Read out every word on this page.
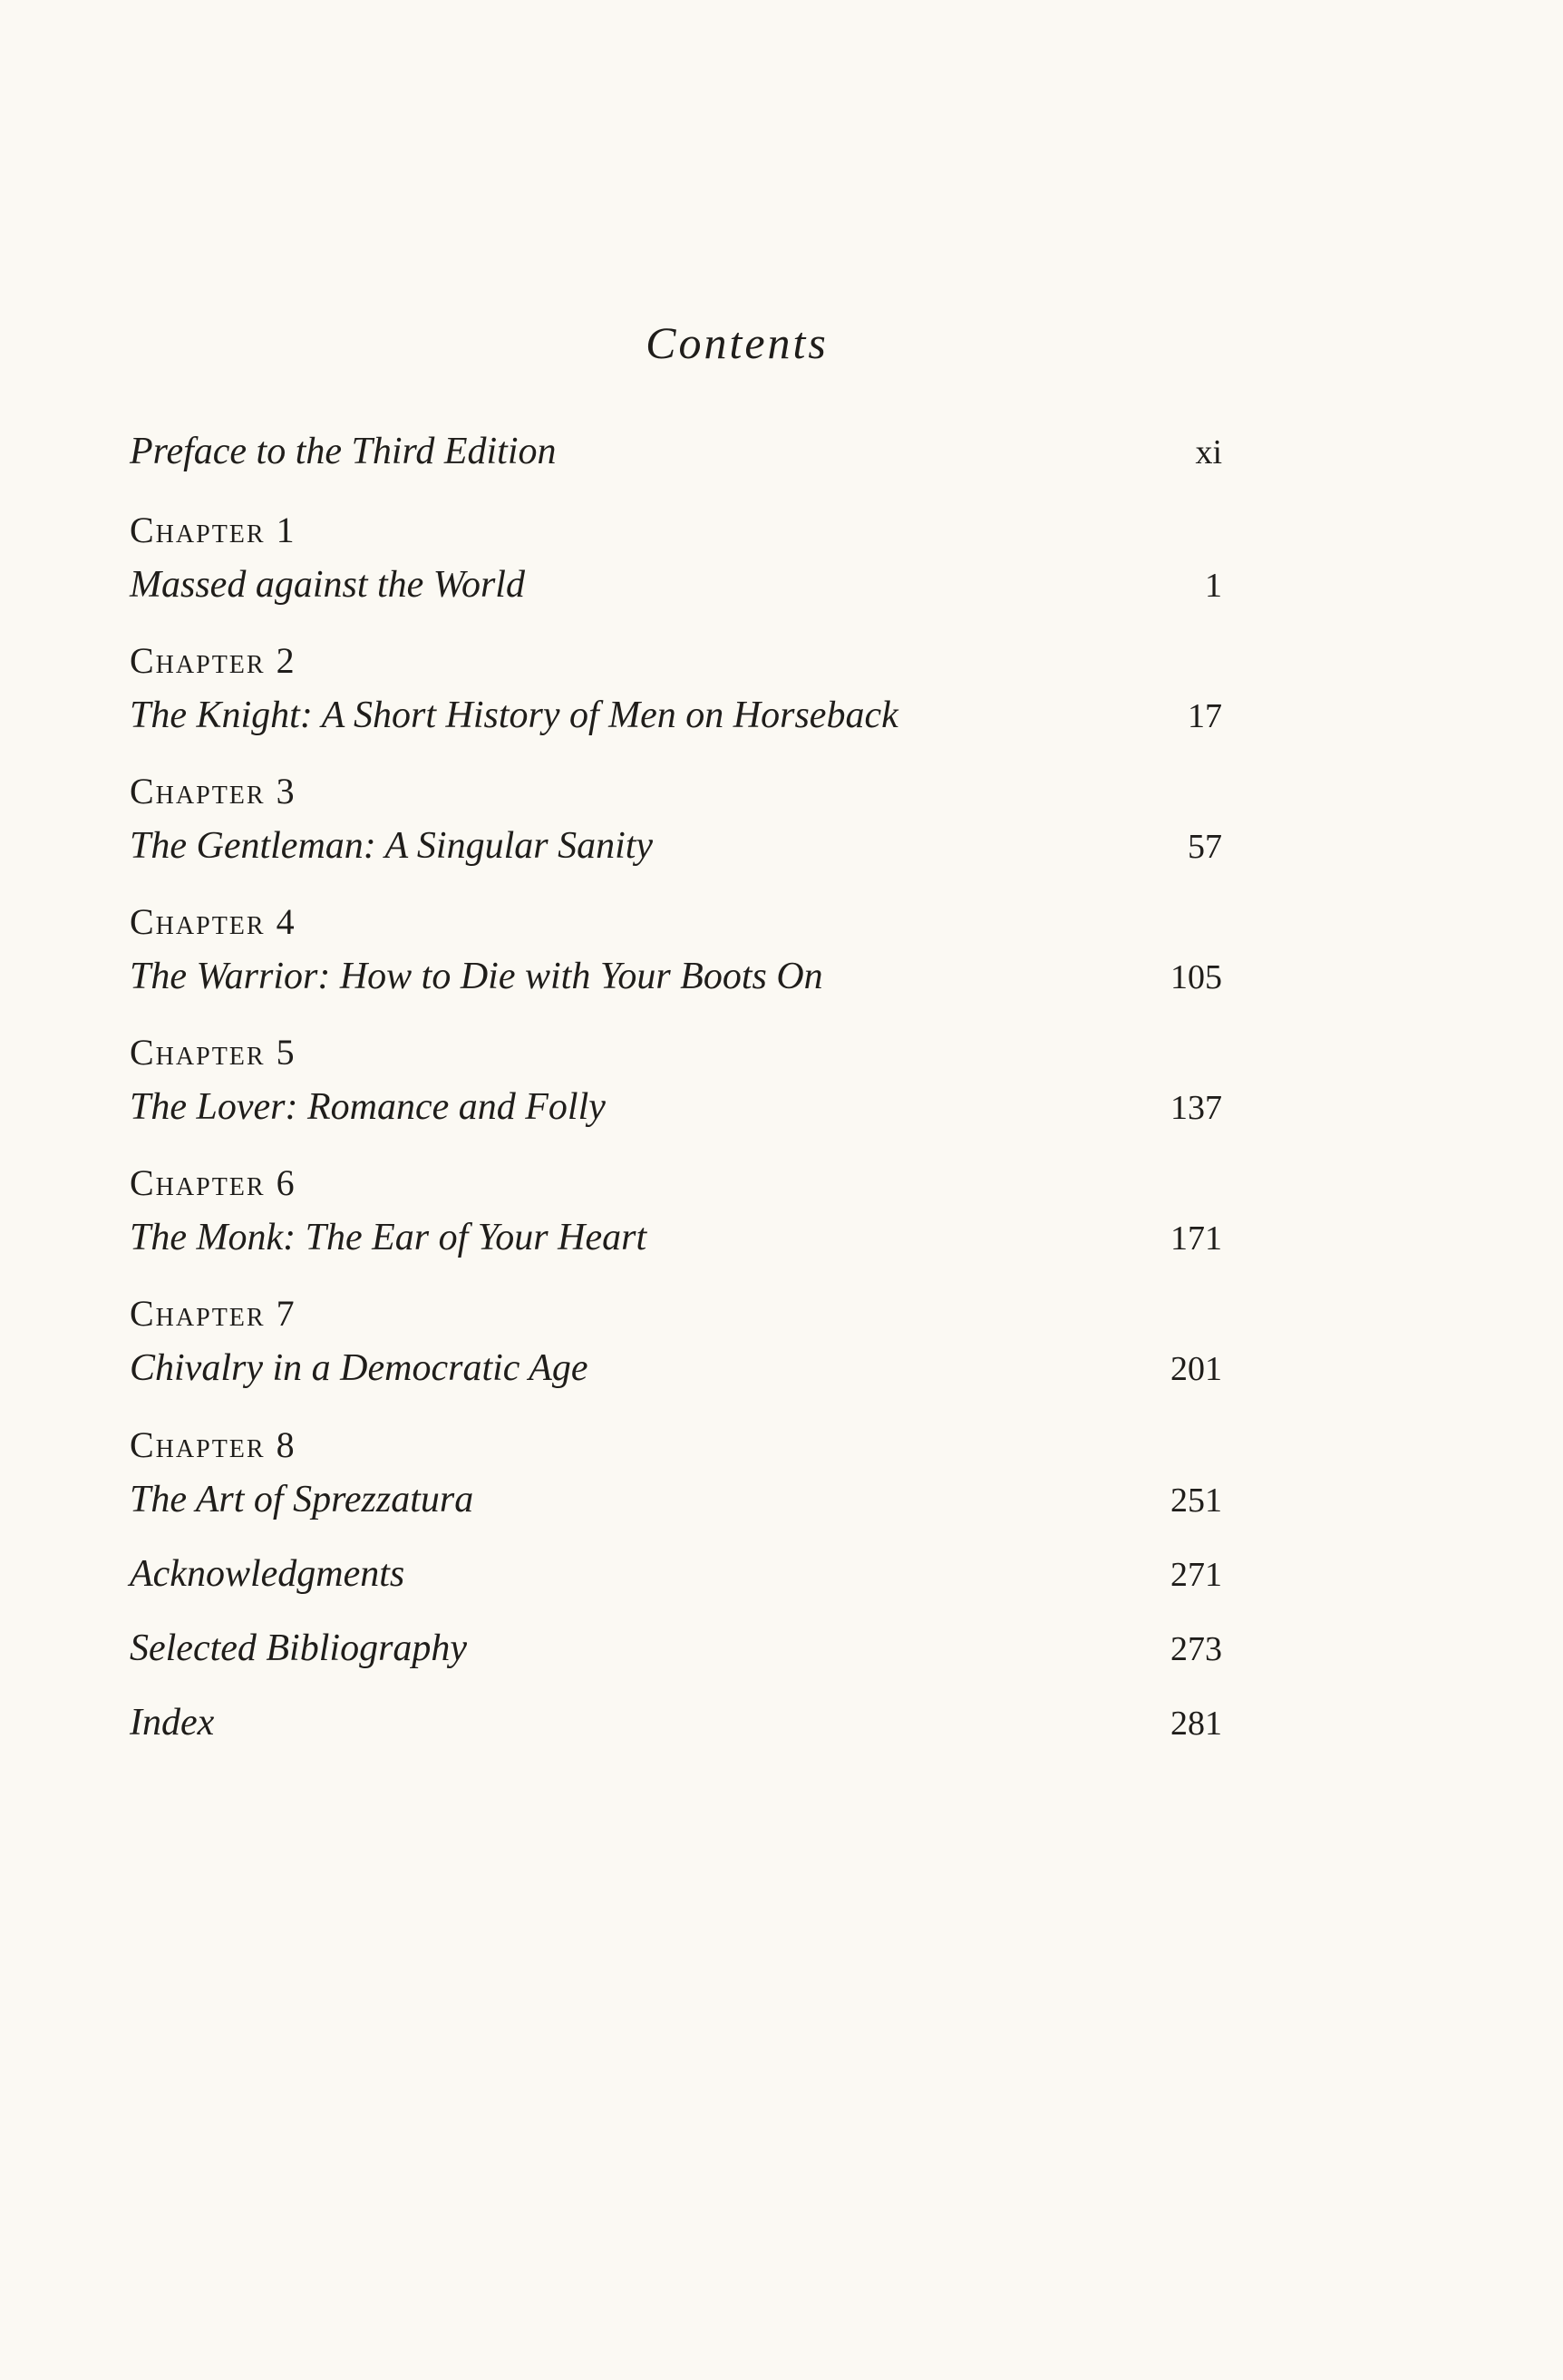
Contents
Preface to the Third Edition	xi
Chapter 1
Massed against the World	1
Chapter 2
The Knight: A Short History of Men on Horseback	17
Chapter 3
The Gentleman: A Singular Sanity	57
Chapter 4
The Warrior: How to Die with Your Boots On	105
Chapter 5
The Lover: Romance and Folly	137
Chapter 6
The Monk: The Ear of Your Heart	171
Chapter 7
Chivalry in a Democratic Age	201
Chapter 8
The Art of Sprezzatura	251
Acknowledgments	271
Selected Bibliography	273
Index	281
